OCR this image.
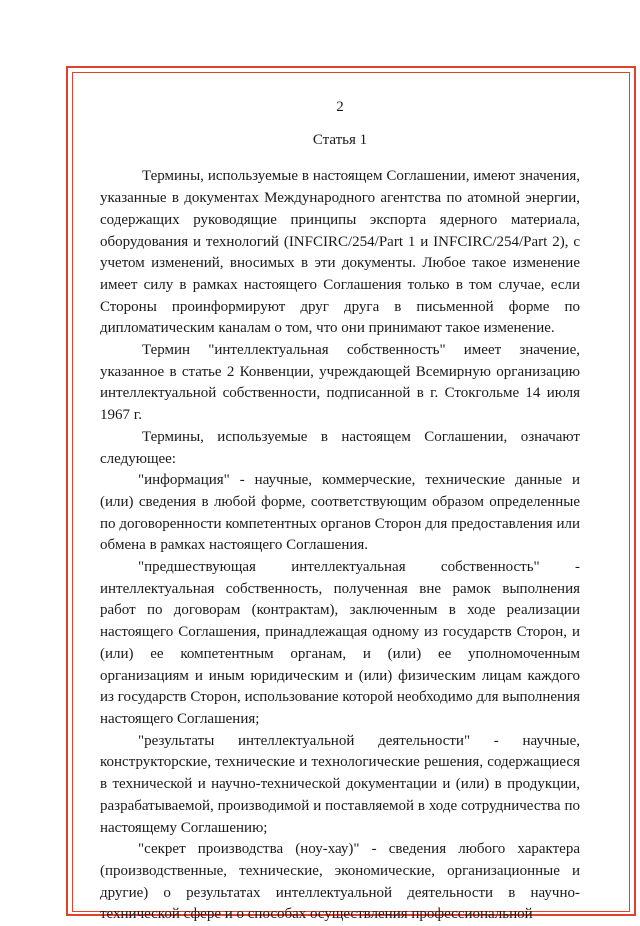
2
Статья 1

Термины, используемые в настоящем Соглашении, имеют значения, указанные в документах Международного агентства по атомной энергии, содержащих руководящие принципы экспорта ядерного материала, оборудования и технологий (INFCIRC/254/Part 1 и INFCIRC/254/Part 2), с учетом изменений, вносимых в эти документы. Любое такое изменение имеет силу в рамках настоящего Соглашения только в том случае, если Стороны проинформируют друг друга в письменной форме по дипломатическим каналам о том, что они принимают такое изменение.

Термин "интеллектуальная собственность" имеет значение, указанное в статье 2 Конвенции, учреждающей Всемирную организацию интеллектуальной собственности, подписанной в г. Стокгольме 14 июля 1967 г.

Термины, используемые в настоящем Соглашении, означают следующее:

"информация" - научные, коммерческие, технические данные и (или) сведения в любой форме, соответствующим образом определенные по договоренности компетентных органов Сторон для предоставления или обмена в рамках настоящего Соглашения.

"предшествующая интеллектуальная собственность" - интеллектуальная собственность, полученная вне рамок выполнения работ по договорам (контрактам), заключенным в ходе реализации настоящего Соглашения, принадлежащая одному из государств Сторон, и (или) ее компетентным органам, и (или) ее уполномоченным организациям и иным юридическим и (или) физическим лицам каждого из государств Сторон, использование которой необходимо для выполнения настоящего Соглашения;

"результаты интеллектуальной деятельности" - научные, конструкторские, технические и технологические решения, содержащиеся в технической и научно-технической документации и (или) в продукции, разрабатываемой, производимой и поставляемой в ходе сотрудничества по настоящему Соглашению;

"секрет производства (ноу-хау)" - сведения любого характера (производственные, технические, экономические, организационные и другие) о результатах интеллектуальной деятельности в научно-технической сфере и о способах осуществления профессиональной
